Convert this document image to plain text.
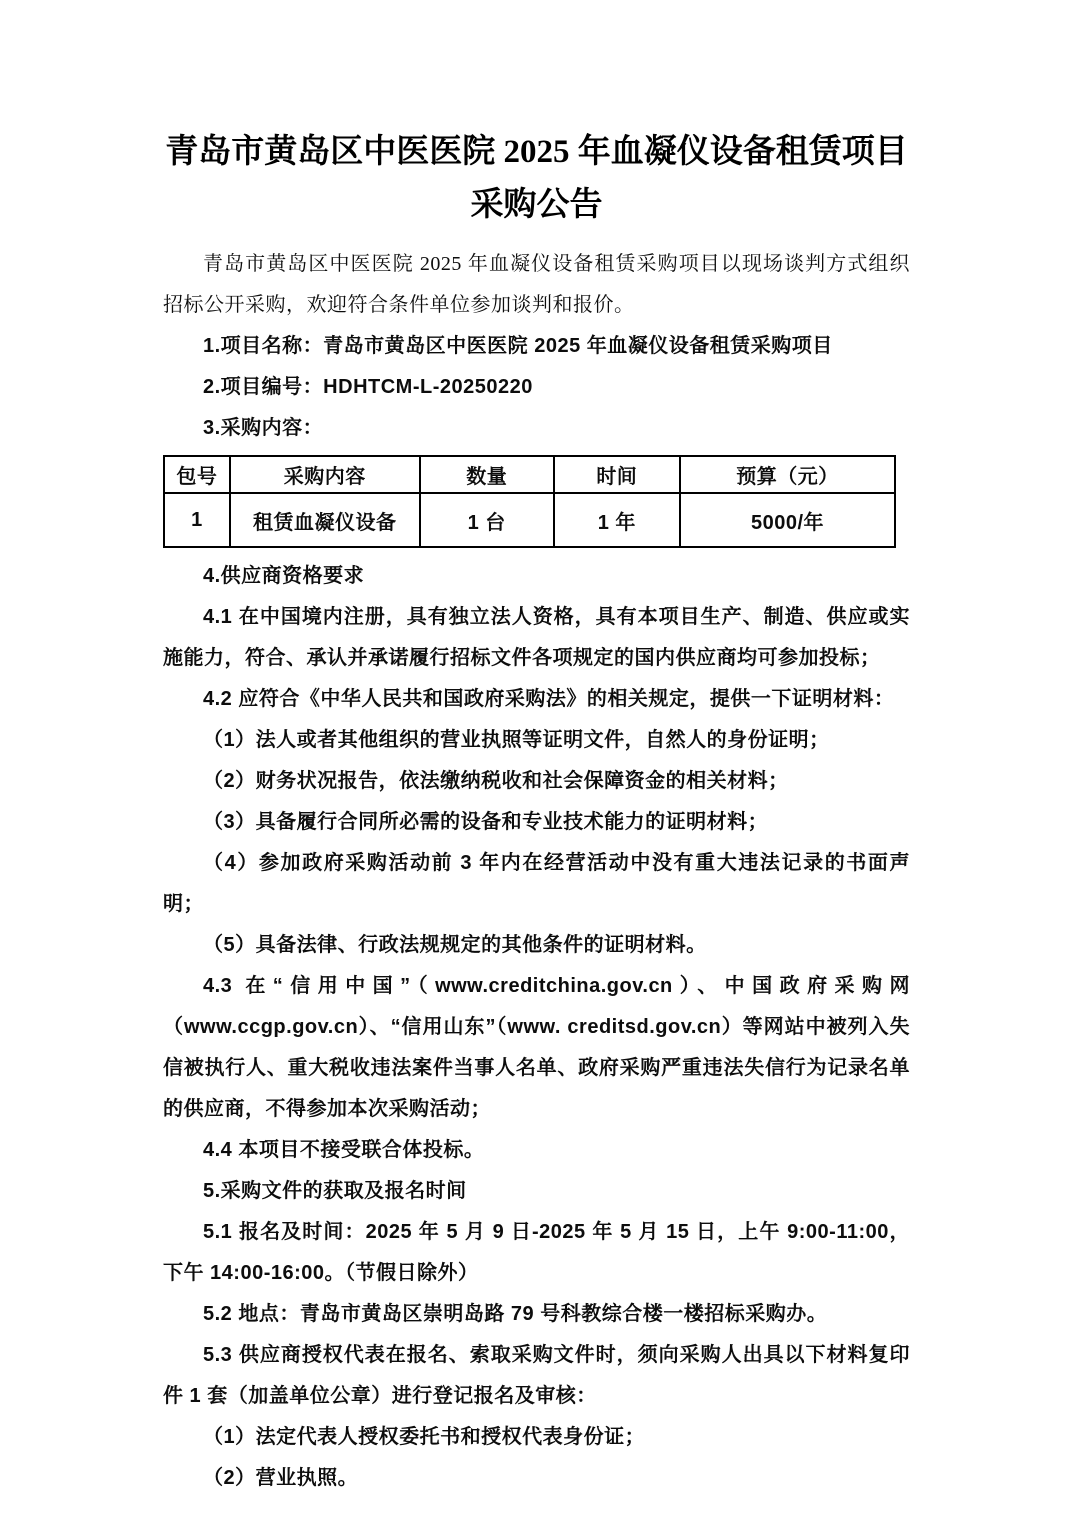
青岛市黄岛区中医医院 2025 年血凝仪设备租赁项目
采购公告

青岛市黄岛区中医医院 2025 年血凝仪设备租赁采购项目以现场谈判方式组织招标公开采购，欢迎符合条件单位参加谈判和报价。

1.项目名称：青岛市黄岛区中医医院 2025 年血凝仪设备租赁采购项目

2.项目编号：HDHTCM-L-20250220

3.采购内容：

包号	采购内容	数量	时间	预算（元）
1	租赁血凝仪设备	1 台	1 年	5000/年

4.供应商资格要求

4.1 在中国境内注册，具有独立法人资格，具有本项目生产、制造、供应或实施能力，符合、承认并承诺履行招标文件各项规定的国内供应商均可参加投标；

4.2 应符合《中华人民共和国政府采购法》的相关规定，提供一下证明材料：

（1）法人或者其他组织的营业执照等证明文件，自然人的身份证明；

（2）财务状况报告，依法缴纳税收和社会保障资金的相关材料；

（3）具备履行合同所必需的设备和专业技术能力的证明材料；

（4）参加政府采购活动前 3 年内在经营活动中没有重大违法记录的书面声明；

（5）具备法律、行政法规规定的其他条件的证明材料。

4.3 在“信用中国”（www.creditchina.gov.cn）、中国政府采购网（www.ccgp.gov.cn）、“信用山东”（www. creditsd.gov.cn）等网站中被列入失信被执行人、重大税收违法案件当事人名单、政府采购严重违法失信行为记录名单的供应商，不得参加本次采购活动；

4.4 本项目不接受联合体投标。

5.采购文件的获取及报名时间

5.1 报名及时间：2025 年 5 月 9 日-2025 年 5 月 15 日，上午 9:00-11:00，下午 14:00-16:00。（节假日除外）

5.2 地点：青岛市黄岛区崇明岛路 79 号科教综合楼一楼招标采购办。

5.3 供应商授权代表在报名、索取采购文件时，须向采购人出具以下材料复印件 1 套（加盖单位公章）进行登记报名及审核：

（1）法定代表人授权委托书和授权代表身份证；

（2）营业执照。
